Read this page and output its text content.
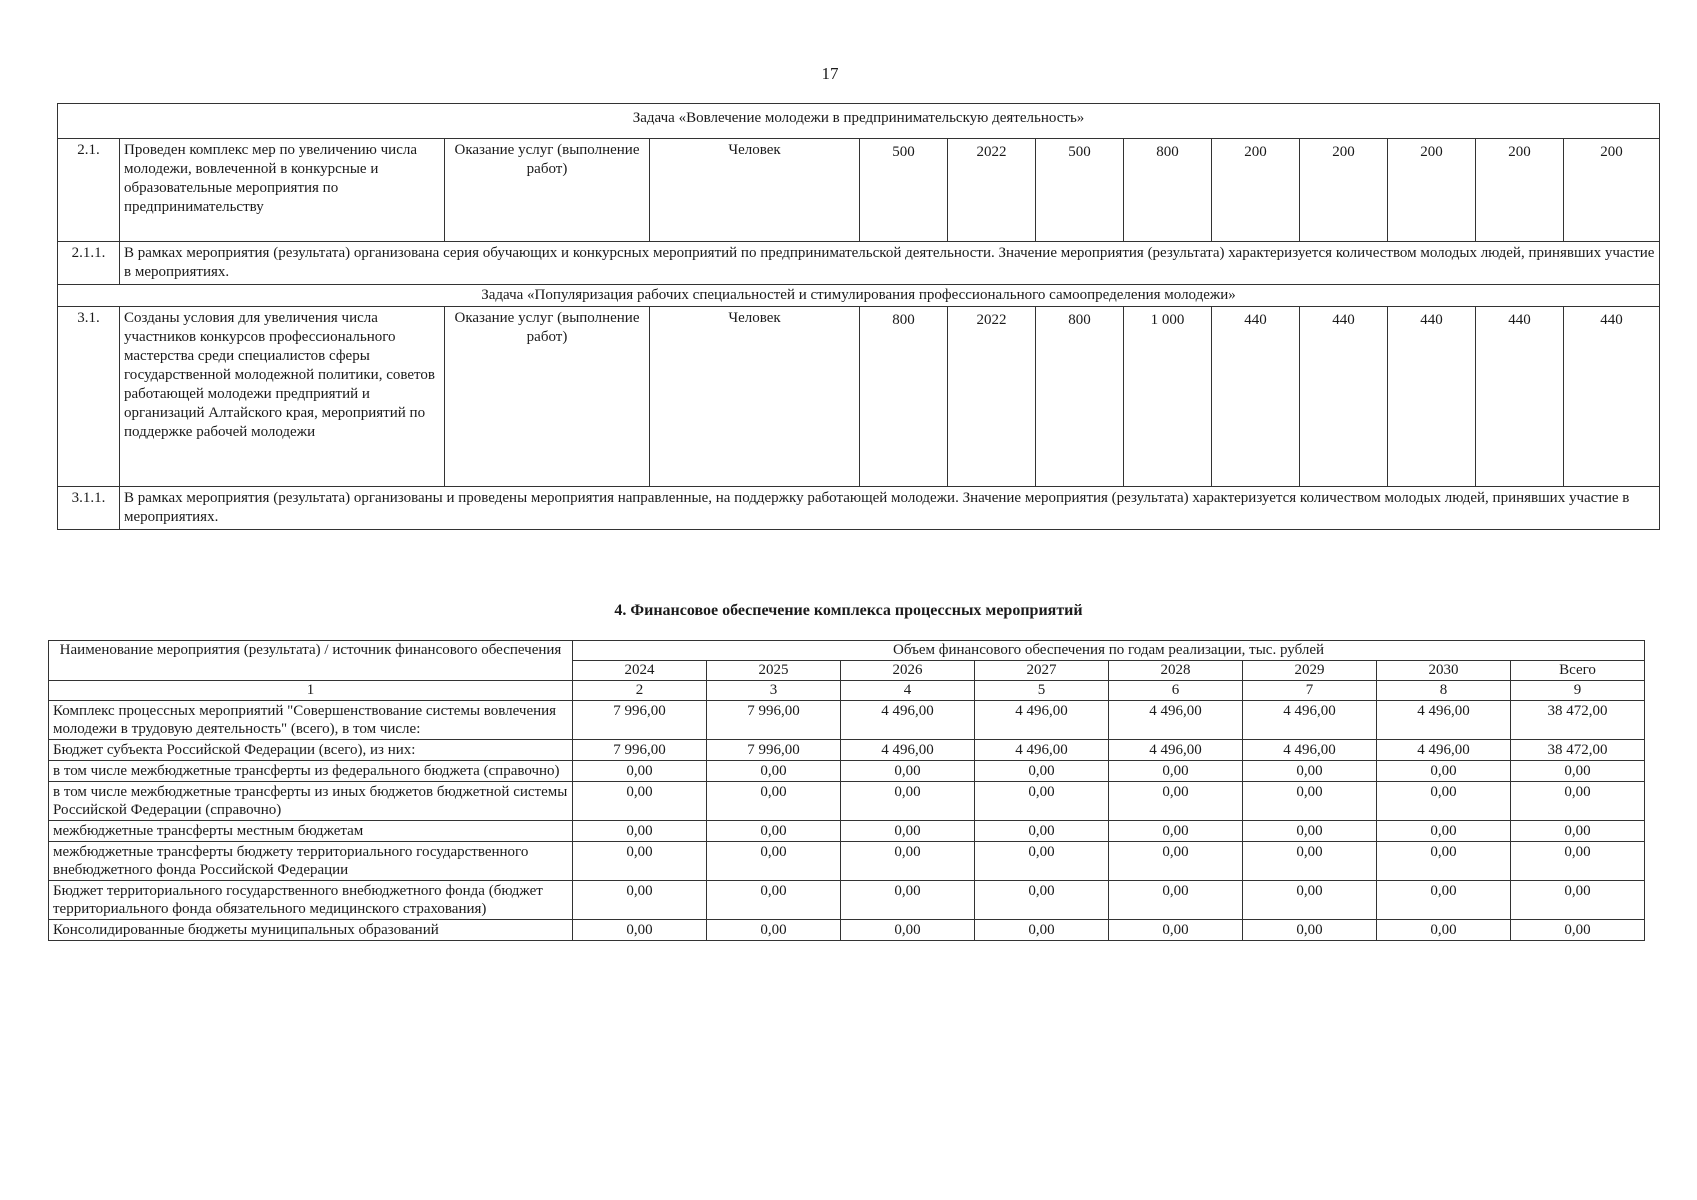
17
Задача «Вовлечение молодежи в предпринимательскую деятельность»												
2.1.	Проведен комплекс мер по увеличению числа молодежи, вовлеченной в конкурсные и образовательные мероприятия по предпринимательству	Оказание услуг (выполнение работ)	Человек	500	2022	500	800	200	200	200	200	200
2.1.1.	В рамках мероприятия (результата) организована серия обучающих и конкурсных мероприятий по предпринимательской деятельности. Значение мероприятия (результата) характеризуется количеством молодых людей, принявших участие в мероприятиях.											
Задача «Популяризация рабочих специальностей и стимулирования профессионального самоопределения молодежи»												
3.1.	Созданы условия для увеличения числа участников конкурсов профессионального мастерства среди специалистов сферы государственной молодежной политики, советов работающей молодежи предприятий и организаций Алтайского края, мероприятий по поддержке рабочей молодежи	Оказание услуг (выполнение работ)	Человек	800	2022	800	1 000	440	440	440	440	440
3.1.1.	В рамках мероприятия (результата) организованы и проведены мероприятия направленные, на поддержку работающей молодежи. Значение мероприятия (результата) характеризуется количеством молодых людей, принявших участие в мероприятиях.											
4. Финансовое обеспечение комплекса процессных мероприятий
Наименование мероприятия (результата) / источник финансового обеспечения	Объем финансового обеспечения по годам реализации, тыс. рублей							
	2024	2025	2026	2027	2028	2029	2030	Всего
1	2	3	4	5	6	7	8	9
Комплекс процессных мероприятий "Совершенствование системы вовлечения молодежи в трудовую деятельность" (всего), в том числе:	7 996,00	7 996,00	4 496,00	4 496,00	4 496,00	4 496,00	4 496,00	38 472,00
Бюджет субъекта Российской Федерации (всего), из них:	7 996,00	7 996,00	4 496,00	4 496,00	4 496,00	4 496,00	4 496,00	38 472,00
в том числе межбюджетные трансферты из федерального бюджета (справочно)	0,00	0,00	0,00	0,00	0,00	0,00	0,00	0,00
в том числе межбюджетные трансферты из иных бюджетов бюджетной системы Российской Федерации (справочно)	0,00	0,00	0,00	0,00	0,00	0,00	0,00	0,00
межбюджетные трансферты местным бюджетам	0,00	0,00	0,00	0,00	0,00	0,00	0,00	0,00
межбюджетные трансферты бюджету территориального государственного внебюджетного фонда Российской Федерации	0,00	0,00	0,00	0,00	0,00	0,00	0,00	0,00
Бюджет территориального государственного внебюджетного фонда (бюджет территориального фонда обязательного медицинского страхования)	0,00	0,00	0,00	0,00	0,00	0,00	0,00	0,00
Консолидированные бюджеты муниципальных образований	0,00	0,00	0,00	0,00	0,00	0,00	0,00	0,00
